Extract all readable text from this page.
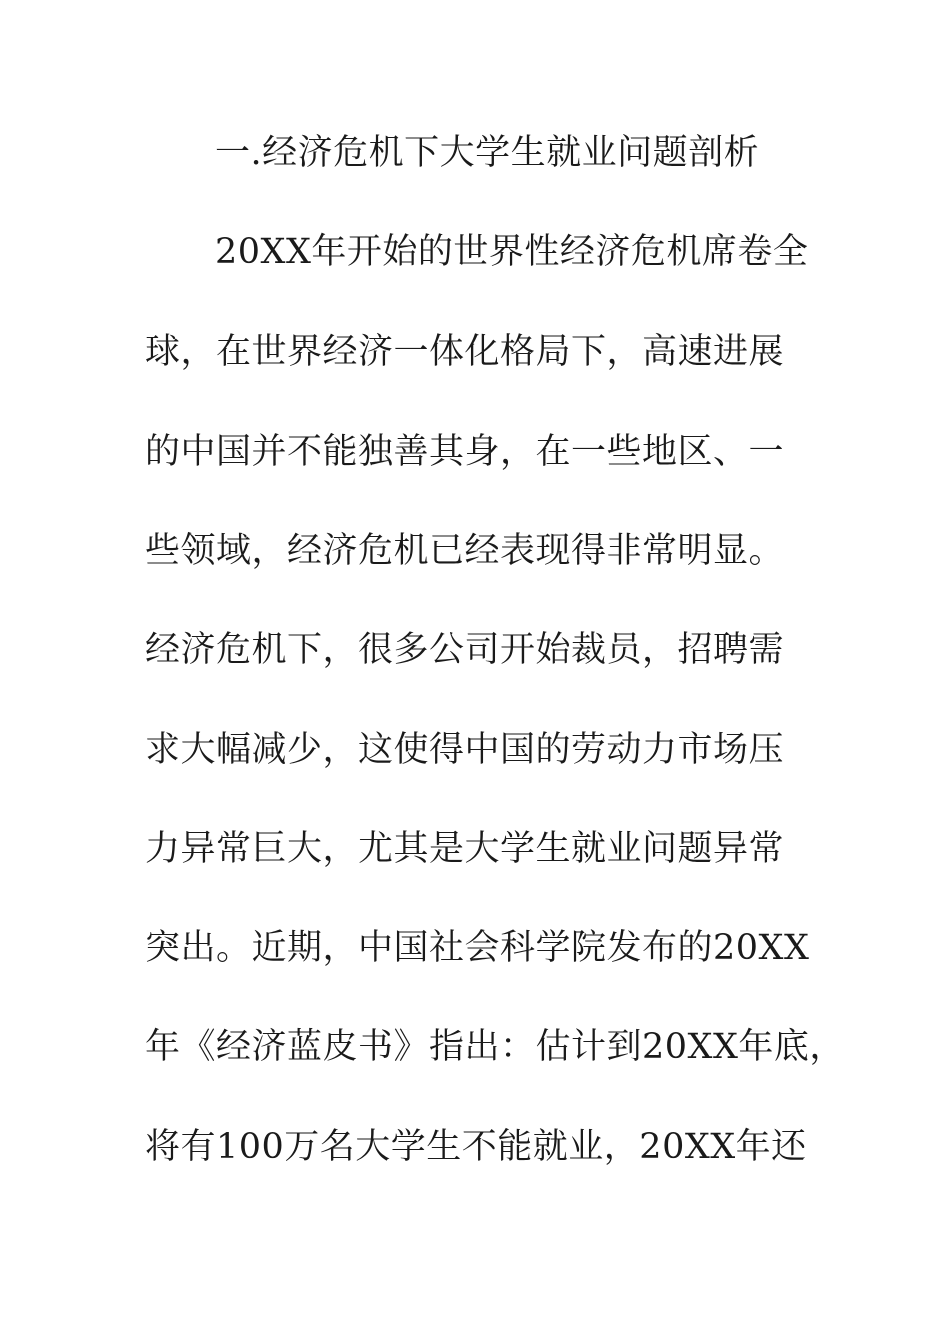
一.经济危机下大学生就业问题剖析
20XX年开始的世界性经济危机席卷全
球，在世界经济一体化格局下，高速进展
的中国并不能独善其身，在一些地区、一
些领域，经济危机已经表现得非常明显。
经济危机下，很多公司开始裁员，招聘需
求大幅减少，这使得中国的劳动力市场压
力异常巨大，尤其是大学生就业问题异常
突出。近期，中国社会科学院发布的20XX
年《经济蓝皮书》指出：估计到20XX年底，
将有100万名大学生不能就业，20XX年还
